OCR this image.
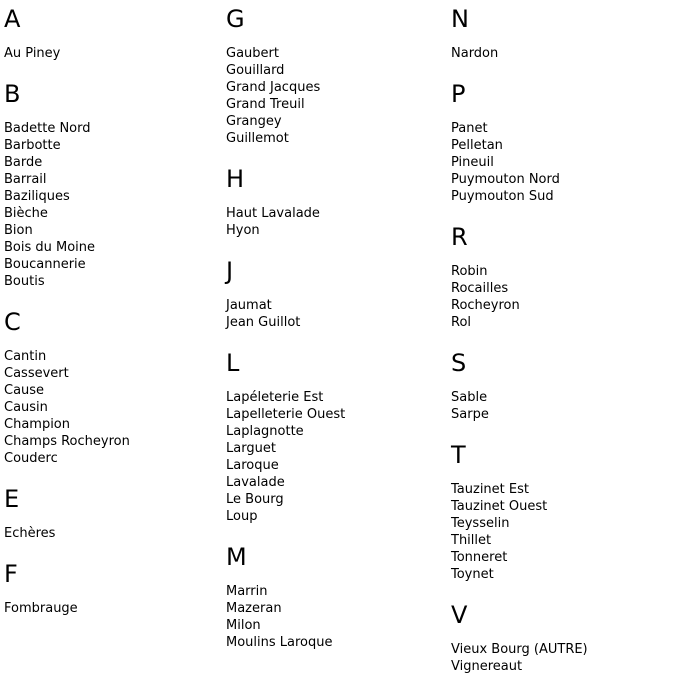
A
Au Piney
B
Badette Nord
Barbotte
Barde
Barrail
Baziliques
Bièche
Bion
Bois du Moine
Boucannerie
Boutis
C
Cantin
Cassevert
Cause
Causin
Champion
Champs Rocheyron
Couderc
E
Echères
F
Fombrauge
G
Gaubert
Gouillard
Grand Jacques
Grand Treuil
Grangey
Guillemot
H
Haut Lavalade
Hyon
J
Jaumat
Jean Guillot
L
Lapéleterie Est
Lapelleterie Ouest
Laplagnotte
Larguet
Laroque
Lavalade
Le Bourg
Loup
M
Marrin
Mazeran
Milon
Moulins Laroque
N
Nardon
P
Panet
Pelletan
Pineuil
Puymouton Nord
Puymouton Sud
R
Robin
Rocailles
Rocheyron
Rol
S
Sable
Sarpe
T
Tauzinet Est
Tauzinet Ouest
Teysselin
Thillet
Tonneret
Toynet
V
Vieux Bourg (AUTRE)
Vignereaut
